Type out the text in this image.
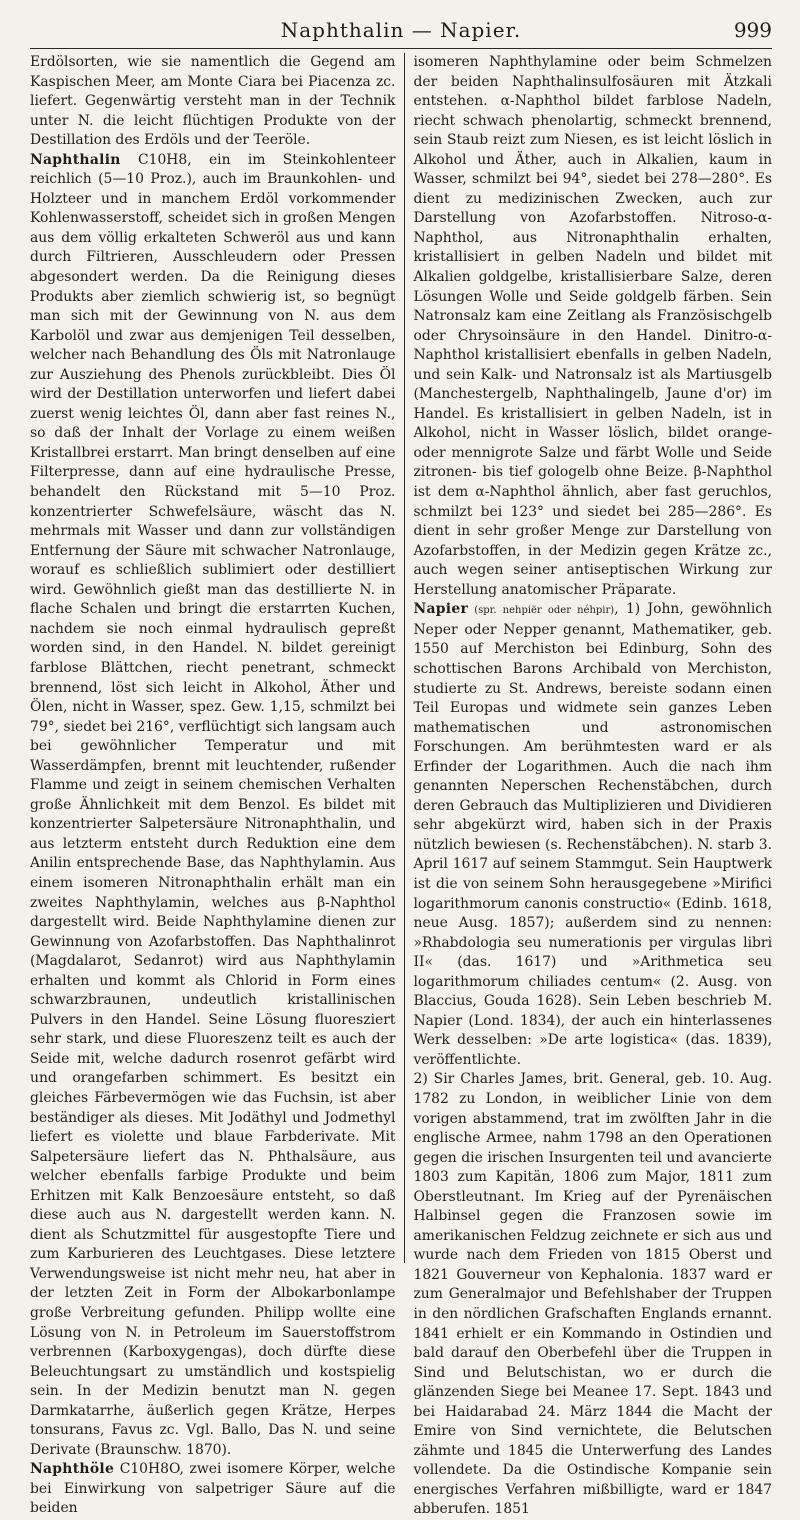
Naphthalin — Napier.	999

Erdölsorten, wie sie namentlich die Gegend am Kaspischen Meer, am Monte Ciara bei Piacenza zc. liefert. Gegenwärtig versteht man in der Technik unter N. die leicht flüchtigen Produkte von der Destillation des Erdöls und der Teeröle.

Naphthalin C10H8, ein im Steinkohlenteer reichlich (5—10 Proz.), auch im Braunkohlen- und Holzteer und in manchem Erdöl vorkommender Kohlenwasserstoff, scheidet sich in großen Mengen aus dem völlig erkalteten Schweröl aus und kann durch Filtrieren, Ausschleudern oder Pressen abgesondert werden. Da die Reinigung dieses Produkts aber ziemlich schwierig ist, so begnügt man sich mit der Gewinnung von N. aus dem Karbolöl und zwar aus demjenigen Teil desselben, welcher nach Behandlung des Öls mit Natronlauge zur Ausziehung des Phenols zurückbleibt. Dies Öl wird der Destillation unterworfen und liefert dabei zuerst wenig leichtes Öl, dann aber fast reines N., so daß der Inhalt der Vorlage zu einem weißen Kristallbrei erstarrt. Man bringt denselben auf eine Filterpresse, dann auf eine hydraulische Presse, behandelt den Rückstand mit 5—10 Proz. konzentrierter Schwefelsäure, wäscht das N. mehrmals mit Wasser und dann zur vollständigen Entfernung der Säure mit schwacher Natronlauge, worauf es schließlich sublimiert oder destilliert wird. Gewöhnlich gießt man das destillierte N. in flache Schalen und bringt die erstarrten Kuchen, nachdem sie noch einmal hydraulisch gepreßt worden sind, in den Handel. N. bildet gereinigt farblose Blättchen, riecht penetrant, schmeckt brennend, löst sich leicht in Alkohol, Äther und Ölen, nicht in Wasser, spez. Gew. 1,15, schmilzt bei 79°, siedet bei 216°, verflüchtigt sich langsam auch bei gewöhnlicher Temperatur und mit Wasserdämpfen, brennt mit leuchtender, rußender Flamme und zeigt in seinem chemischen Verhalten große Ähnlichkeit mit dem Benzol. Es bildet mit konzentrierter Salpetersäure Nitronaphthalin, und aus letzterm entsteht durch Reduktion eine dem Anilin entsprechende Base, das Naphthylamin. Aus einem isomeren Nitronaphthalin erhält man ein zweites Naphthylamin, welches aus β-Naphthol dargestellt wird. Beide Naphthylamine dienen zur Gewinnung von Azofarbstoffen. Das Naphthalinrot (Magdalarot, Sedanrot) wird aus Naphthylamin erhalten und kommt als Chlorid in Form eines schwarzbraunen, undeutlich kristallinischen Pulvers in den Handel. Seine Lösung fluoresziert sehr stark, und diese Fluoreszenz teilt es auch der Seide mit, welche dadurch rosenrot gefärbt wird und orangefarben schimmert. Es besitzt ein gleiches Färbevermögen wie das Fuchsin, ist aber beständiger als dieses. Mit Jodäthyl und Jodmethyl liefert es violette und blaue Farbderivate. Mit Salpetersäure liefert das N. Phthalsäure, aus welcher ebenfalls farbige Produkte und beim Erhitzen mit Kalk Benzoesäure entsteht, so daß diese auch aus N. dargestellt werden kann. N. dient als Schutzmittel für ausgestopfte Tiere und zum Karburieren des Leuchtgases. Diese letztere Verwendungsweise ist nicht mehr neu, hat aber in der letzten Zeit in Form der Albokarbonlampe große Verbreitung gefunden. Philipp wollte eine Lösung von N. in Petroleum im Sauerstoffstrom verbrennen (Karboxygengas), doch dürfte diese Beleuchtungsart zu umständlich und kostspielig sein. In der Medizin benutzt man N. gegen Darmkatarrhe, äußerlich gegen Krätze, Herpes tonsurans, Favus zc. Vgl. Ballo, Das N. und seine Derivate (Braunschw. 1870).

Naphthöle C10H8O, zwei isomere Körper, welche bei Einwirkung von salpetriger Säure auf die beiden

isomeren Naphthylamine oder beim Schmelzen der beiden Naphthalinsulfosäuren mit Ätzkali entstehen. α-Naphthol bildet farblose Nadeln, riecht schwach phenolartig, schmeckt brennend, sein Staub reizt zum Niesen, es ist leicht löslich in Alkohol und Äther, auch in Alkalien, kaum in Wasser, schmilzt bei 94°, siedet bei 278—280°. Es dient zu medizinischen Zwecken, auch zur Darstellung von Azofarbstoffen. Nitroso-α-Naphthol, aus Nitronaphthalin erhalten, kristallisiert in gelben Nadeln und bildet mit Alkalien goldgelbe, kristallisierbare Salze, deren Lösungen Wolle und Seide goldgelb färben. Sein Natronsalz kam eine Zeitlang als Französischgelb oder Chrysoinsäure in den Handel. Dinitro-α-Naphthol kristallisiert ebenfalls in gelben Nadeln, und sein Kalk- und Natronsalz ist als Martiusgelb (Manchestergelb, Naphthalingelb, Jaune d'or) im Handel. Es kristallisiert in gelben Nadeln, ist in Alkohol, nicht in Wasser löslich, bildet orange- oder mennigrote Salze und färbt Wolle und Seide zitronen- bis tief gologelb ohne Beize. β-Naphthol ist dem α-Naphthol ähnlich, aber fast geruchlos, schmilzt bei 123° und siedet bei 285—286°. Es dient in sehr großer Menge zur Darstellung von Azofarbstoffen, in der Medizin gegen Krätze zc., auch wegen seiner antiseptischen Wirkung zur Herstellung anatomischer Präparate.

Napier (spr. nehpiër oder néhpir), 1) John, gewöhnlich Neper oder Nepper genannt, Mathematiker, geb. 1550 auf Merchiston bei Edinburg, Sohn des schottischen Barons Archibald von Merchiston, studierte zu St. Andrews, bereiste sodann einen Teil Europas und widmete sein ganzes Leben mathematischen und astronomischen Forschungen. Am berühmtesten ward er als Erfinder der Logarithmen. Auch die nach ihm genannten Neperschen Rechenstäbchen, durch deren Gebrauch das Multiplizieren und Dividieren sehr abgekürzt wird, haben sich in der Praxis nützlich bewiesen (s. Rechenstäbchen). N. starb 3. April 1617 auf seinem Stammgut. Sein Hauptwerk ist die von seinem Sohn herausgegebene »Mirifici logarithmorum canonis constructio« (Edinb. 1618, neue Ausg. 1857); außerdem sind zu nennen: »Rhabdologia seu numerationis per virgulas libri II« (das. 1617) und »Arithmetica seu logarithmorum chiliades centum« (2. Ausg. von Blaccius, Gouda 1628). Sein Leben beschrieb M. Napier (Lond. 1834), der auch ein hinterlassenes Werk desselben: »De arte logistica« (das. 1839), veröffentlichte.

2) Sir Charles James, brit. General, geb. 10. Aug. 1782 zu London, in weiblicher Linie von dem vorigen abstammend, trat im zwölften Jahr in die englische Armee, nahm 1798 an den Operationen gegen die irischen Insurgenten teil und avancierte 1803 zum Kapitän, 1806 zum Major, 1811 zum Oberstleutnant. Im Krieg auf der Pyrenäischen Halbinsel gegen die Franzosen sowie im amerikanischen Feldzug zeichnete er sich aus und wurde nach dem Frieden von 1815 Oberst und 1821 Gouverneur von Kephalonia. 1837 ward er zum Generalmajor und Befehlshaber der Truppen in den nördlichen Grafschaften Englands ernannt. 1841 erhielt er ein Kommando in Ostindien und bald darauf den Oberbefehl über die Truppen in Sind und Belutschistan, wo er durch die glänzenden Siege bei Meanee 17. Sept. 1843 und bei Haidarabad 24. März 1844 die Macht der Emire von Sind vernichtete, die Belutschen zähmte und 1845 die Unterwerfung des Landes vollendete. Da die Ostindische Kompanie sein energisches Verfahren mißbilligte, ward er 1847 abberufen. 1851
